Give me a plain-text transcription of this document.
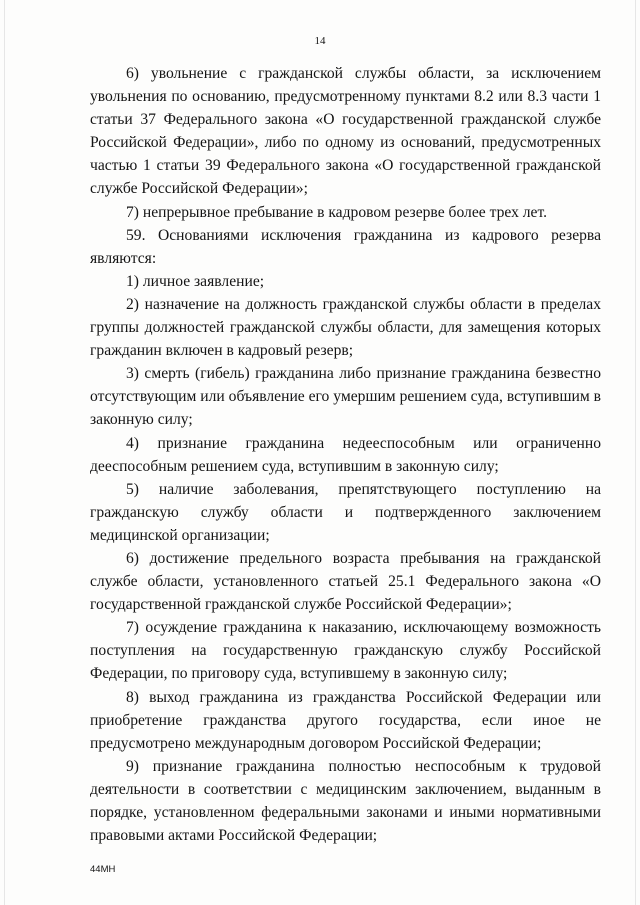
14

6) увольнение с гражданской службы области, за исключением увольнения по основанию, предусмотренному пунктами 8.2 или 8.3 части 1 статьи 37 Федерального закона «О государственной гражданской службе Российской Федерации», либо по одному из оснований, предусмотренных частью 1 статьи 39 Федерального закона «О государственной гражданской службе Российской Федерации»;

7) непрерывное пребывание в кадровом резерве более трех лет.

59. Основаниями исключения гражданина из кадрового резерва являются:

1) личное заявление;

2) назначение на должность гражданской службы области в пределах группы должностей гражданской службы области, для замещения которых гражданин включен в кадровый резерв;

3) смерть (гибель) гражданина либо признание гражданина безвестно отсутствующим или объявление его умершим решением суда, вступившим в законную силу;

4) признание гражданина недееспособным или ограниченно дееспособным решением суда, вступившим в законную силу;

5) наличие заболевания, препятствующего поступлению на гражданскую службу области и подтвержденного заключением медицинской организации;

6) достижение предельного возраста пребывания на гражданской службе области, установленного статьей 25.1 Федерального закона «О государственной гражданской службе Российской Федерации»;

7) осуждение гражданина к наказанию, исключающему возможность поступления на государственную гражданскую службу Российской Федерации, по приговору суда, вступившему в законную силу;

8) выход гражданина из гражданства Российской Федерации или приобретение гражданства другого государства, если иное не предусмотрено международным договором Российской Федерации;

9) признание гражданина полностью неспособным к трудовой деятельности в соответствии с медицинским заключением, выданным в порядке, установленном федеральными законами и иными нормативными правовыми актами Российской Федерации;

44МН
